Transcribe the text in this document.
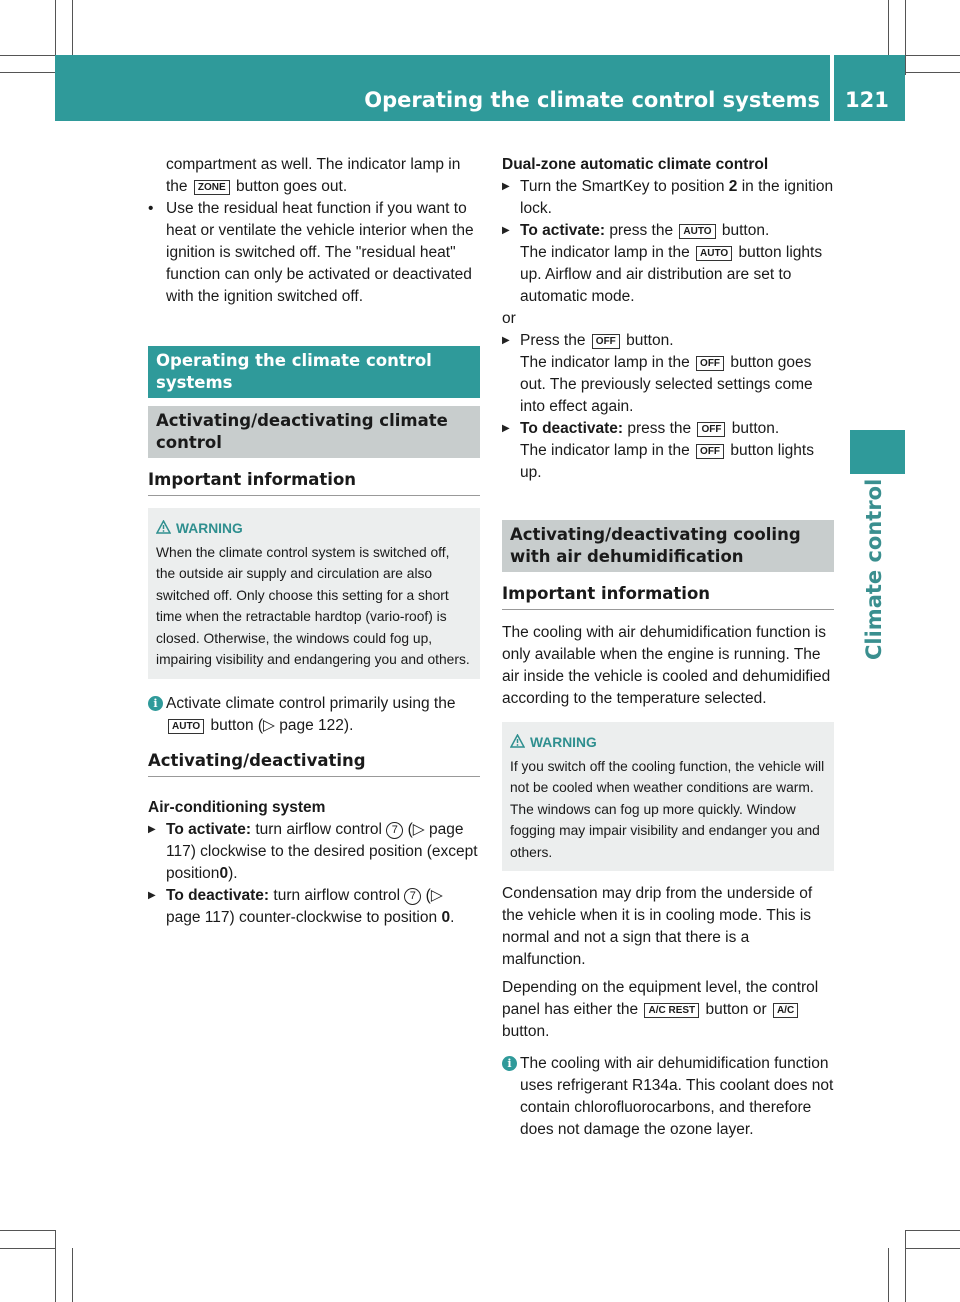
Operating the climate control systems 121
Climate control

compartment as well. The indicator lamp in the ZONE button goes out.

• Use the residual heat function if you want to heat or ventilate the vehicle interior when the ignition is switched off. The "residual heat" function can only be activated or deactivated with the ignition switched off.

Operating the climate control systems
Activating/deactivating climate control
Important information
WARNING
When the climate control system is switched off, the outside air supply and circulation are also switched off. Only choose this setting for a short time when the retractable hardtop (vario-roof) is closed. Otherwise, the windows could fog up, impairing visibility and endangering you and others.

i Activate climate control primarily using the AUTO button (▷ page 122).

Activating/deactivating

Air-conditioning system

▶ To activate: turn airflow control 7 (▷ page 117) clockwise to the desired position (except position0).

▶ To deactivate: turn airflow control 7 (▷ page 117) counter-clockwise to position 0.

Dual-zone automatic climate control

▶ Turn the SmartKey to position 2 in the ignition lock.

▶ To activate: press the AUTO button.
The indicator lamp in the AUTO button lights up. Airflow and air distribution are set to automatic mode.

or

▶ Press the OFF button.
The indicator lamp in the OFF button goes out. The previously selected settings come into effect again.

▶ To deactivate: press the OFF button.
The indicator lamp in the OFF button lights up.

Activating/deactivating cooling with air dehumidification
Important information

The cooling with air dehumidification function is only available when the engine is running. The air inside the vehicle is cooled and dehumidified according to the temperature selected.

WARNING
If you switch off the cooling function, the vehicle will not be cooled when weather conditions are warm. The windows can fog up more quickly. Window fogging may impair visibility and endanger you and others.

Condensation may drip from the underside of the vehicle when it is in cooling mode. This is normal and not a sign that there is a malfunction.

Depending on the equipment level, the control panel has either the A/C REST button or A/C button.

i The cooling with air dehumidification function uses refrigerant R134a. This coolant does not contain chlorofluorocarbons, and therefore does not damage the ozone layer.
